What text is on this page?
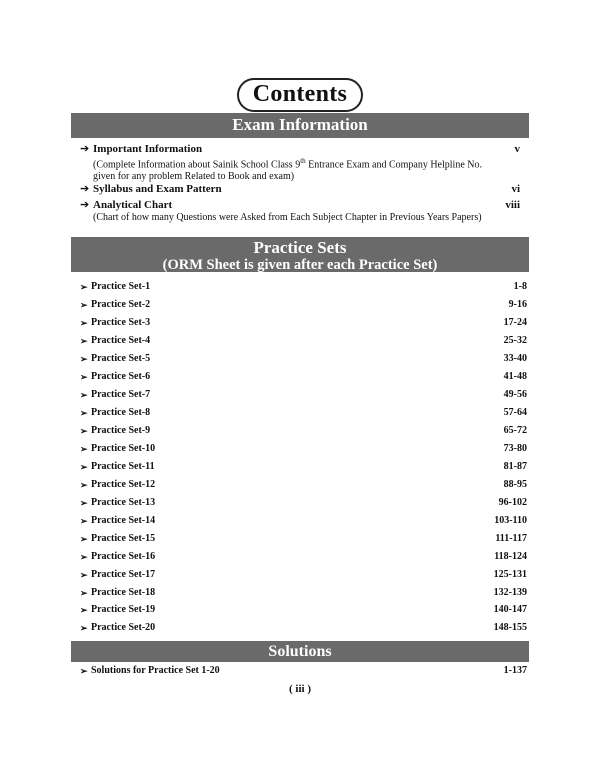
Contents
Exam Information
➔ Important Information	v
(Complete Information about Sainik School Class 9th Entrance Exam and Company Helpline No.
given for any problem Related to Book and exam)
➔ Syllabus and Exam Pattern	vi
➔ Analytical Chart	viii
(Chart of how many Questions were Asked from Each Subject Chapter in Previous Years Papers)
Practice Sets
(ORM Sheet is given after each Practice Set)
➢ Practice Set-1	1-8
➢ Practice Set-2	9-16
➢ Practice Set-3	17-24
➢ Practice Set-4	25-32
➢ Practice Set-5	33-40
➢ Practice Set-6	41-48
➢ Practice Set-7	49-56
➢ Practice Set-8	57-64
➢ Practice Set-9	65-72
➢ Practice Set-10	73-80
➢ Practice Set-11	81-87
➢ Practice Set-12	88-95
➢ Practice Set-13	96-102
➢ Practice Set-14	103-110
➢ Practice Set-15	111-117
➢ Practice Set-16	118-124
➢ Practice Set-17	125-131
➢ Practice Set-18	132-139
➢ Practice Set-19	140-147
➢ Practice Set-20	148-155
Solutions
➢ Solutions for Practice Set 1-20	1-137
( iii )
